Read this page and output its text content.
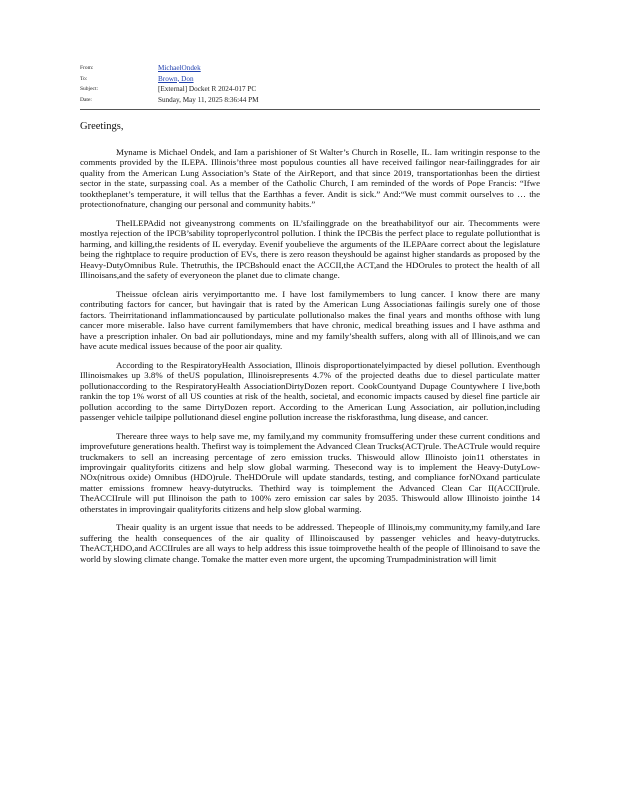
From:	MichaelOndek
To:	Brown, Don
Subject:	[External] Docket R 2024-017 PC
Date:	Sunday, May 11, 2025 8:36:44 PM

Greetings,

Myname is Michael Ondek, and Iam a parishioner of St Walter’s Church in Roselle, IL. Iam writingin response to the comments provided by the ILEPA. Illinois’three most populous counties all have received failingor near-failinggrades for air quality from the American Lung Association’s State of the AirReport, and that since 2019, transportationhas been the dirtiest sector in the state, surpassing coal. As a member of the Catholic Church, I am reminded of the words of Pope Francis: “Ifwe tooktheplanet’s temperature, it will tellus that the Earthhas a fever. Andit is sick.” And:“We must commit ourselves to … the protectionofnature, changing our personal and community habits.”

TheILEPAdid not giveanystrong comments on IL’sfailinggrade on the breathabilityof our air. Thecomments were mostlya rejection of the IPCB’sability toproperlycontrol pollution. I think the IPCBis the perfect place to regulate pollutionthat is harming, and killing,the residents of IL everyday. Evenif youbelieve the arguments of the ILEPAare correct about the legislature being the rightplace to require production of EVs, there is zero reason theyshould be against higher standards as proposed by the Heavy-DutyOmnibus Rule. Thetruthis, the IPCBshould enact the ACCII,the ACT,and the HDOrules to protect the health of all Illinoisans,and the safety of everyoneon the planet due to climate change.

Theissue ofclean airis veryimportantto me. I have lost familymembers to lung cancer. I know there are many contributing factors for cancer, but havingair that is rated by the American Lung Associationas failingis surely one of those factors. Theirritationand inflammationcaused by particulate pollutionalso makes the final years and months ofthose with lung cancer more miserable. Ialso have current familymembers that have chronic, medical breathing issues and I have asthma and have a prescription inhaler. On bad air pollutiondays, mine and my family’shealth suffers, along with all of Illinois,and we can have acute medical issues because of the poor air quality.

According to the RespiratoryHealth Association, Illinois disproportionatelyimpacted by diesel pollution. Eventhough Illinoismakes up 3.8% of theUS population, Illinoisrepresents 4.7% of the projected deaths due to diesel particulate matter pollutionaccording to the RespiratoryHealth AssociationDirtyDozen report. CookCountyand Dupage Countywhere I live,both rankin the top 1% worst of all US counties at risk of the health, societal, and economic impacts caused by diesel fine particle air pollution according to the same DirtyDozen report. According to the American Lung Association, air pollution,including passenger vehicle tailpipe pollutionand diesel engine pollution increase the riskforasthma, lung disease, and cancer.

Thereare three ways to help save me, my family,and my community fromsuffering under these current conditions and improvefuture generations health. Thefirst way is toimplement the Advanced Clean Trucks(ACT)rule. TheACTrule would require truckmakers to sell an increasing percentage of zero emission trucks. Thiswould allow Illinoisto join11 otherstates in improvingair qualityforits citizens and help slow global warming. Thesecond way is to implement the Heavy-DutyLow-NOx(nitrous oxide) Omnibus (HDO)rule. TheHDOrule will update standards, testing, and compliance forNOxand particulate matter emissions fromnew heavy-dutytrucks. Thethird way is toimplement the Advanced Clean Car II(ACCII)rule. TheACCIIrule will put Illinoison the path to 100% zero emission car sales by 2035. Thiswould allow Illinoisto jointhe 14 otherstates in improvingair qualityforits citizens and help slow global warming.

Theair quality is an urgent issue that needs to be addressed. Thepeople of Illinois,my community,my family,and Iare suffering the health consequences of the air quality of Illinoiscaused by passenger vehicles and heavy-dutytrucks. TheACT,HDO,and ACCIIrules are all ways to help address this issue toimprovethe health of the people of Illinoisand to save the world by slowing climate change. Tomake the matter even more urgent, the upcoming Trumpadministration will limit
